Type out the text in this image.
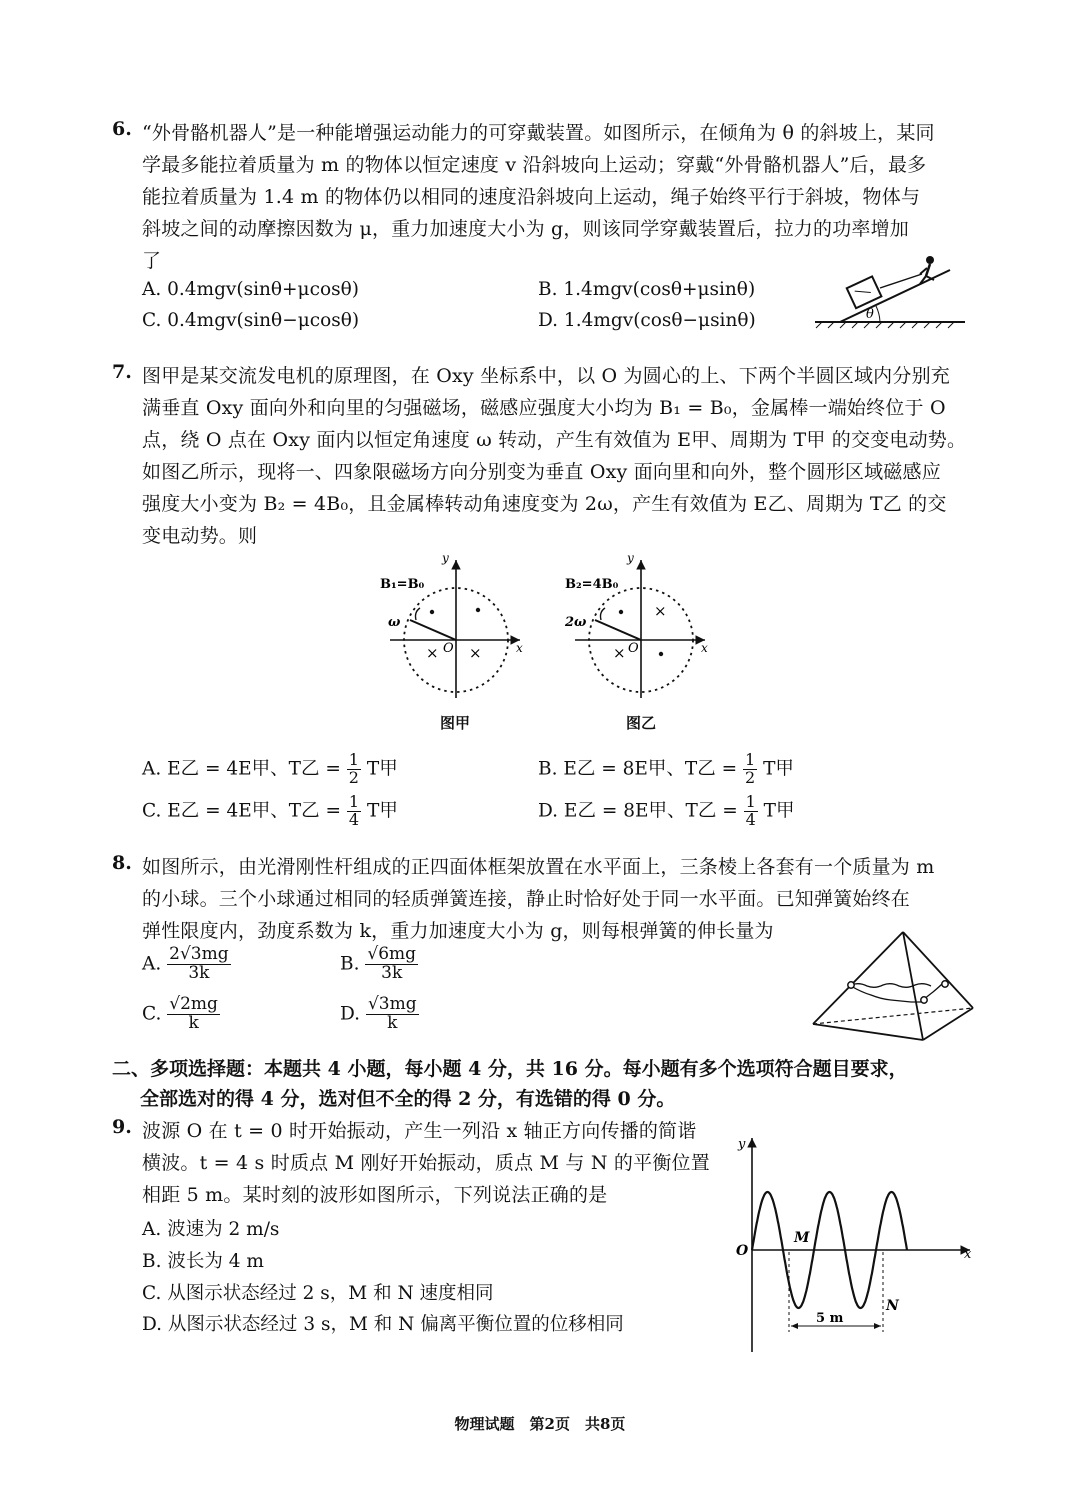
6. “外骨骼机器人”是一种能增强运动能力的可穿戴装置。如图所示，在倾角为 θ 的斜坡上，某同
学最多能拉着质量为 m 的物体以恒定速度 v 沿斜坡向上运动；穿戴“外骨骼机器人”后，最多
能拉着质量为 1.4 m 的物体仍以相同的速度沿斜坡向上运动，绳子始终平行于斜坡，物体与
斜坡之间的动摩擦因数为 μ，重力加速度大小为 g，则该同学穿戴装置后，拉力的功率增加
了
A. 0.4mgv(sinθ+μcosθ)	B. 1.4mgv(cosθ+μsinθ)
C. 0.4mgv(sinθ−μcosθ)	D. 1.4mgv(cosθ−μsinθ)	θ
7. 图甲是某交流发电机的原理图，在 Oxy 坐标系中，以 O 为圆心的上、下两个半圆区域内分别充
满垂直 Oxy 面向外和向里的匀强磁场，磁感应强度大小均为 B₁ = B₀，金属棒一端始终位于 O
点，绕 O 点在 Oxy 面内以恒定角速度 ω 转动，产生有效值为 E甲、周期为 T甲 的交变电动势。
如图乙所示，现将一、四象限磁场方向分别变为垂直 Oxy 面向里和向外，整个圆形区域磁感应
强度大小变为 B₂ = 4B₀，且金属棒转动角速度变为 2ω，产生有效值为 E乙、周期为 T乙 的交
变电动势。则
× ×
B₁=B₀
ω
O	x
y
图甲
×
×
B₂=4B₀
2ω
O	x
y
图乙
A. E乙 = 4E甲、T乙 = $\frac{1}{2}$ T甲	B. E乙 = 8E甲、T乙 = $\frac{1}{2}$ T甲
C. E乙 = 4E甲、T乙 = $\frac{1}{4}$ T甲	D. E乙 = 8E甲、T乙 = $\frac{1}{4}$ T甲
8. 如图所示，由光滑刚性杆组成的正四面体框架放置在水平面上，三条棱上各套有一个质量为 m
的小球。三个小球通过相同的轻质弹簧连接，静止时恰好处于同一水平面。已知弹簧始终在
弹性限度内，劲度系数为 k，重力加速度大小为 g，则每根弹簧的伸长量为
A. $\frac{2√3mg}{3k}$	B. $\frac{√6mg}{3k}$
C. $\frac{√2mg}{k}$	D. $\frac{√3mg}{k}$
二、多项选择题：本题共 4 小题，每小题 4 分，共 16 分。每小题有多个选项符合题目要求，
全部选对的得 4 分，选对但不全的得 2 分，有选错的得 0 分。
9. 波源 O 在 t = 0 时开始振动，产生一列沿 x 轴正方向传播的简谐
横波。t = 4 s 时质点 M 刚好开始振动，质点 M 与 N 的平衡位置
相距 5 m。某时刻的波形如图所示，下列说法正确的是
A. 波速为 2 m/s
B. 波长为 4 m
C. 从图示状态经过 2 s，M 和 N 速度相同
D. 从图示状态经过 3 s，M 和 N 偏离平衡位置的位移相同	5 m
O	x
y
M
N
物理试题　第2页　共8页
